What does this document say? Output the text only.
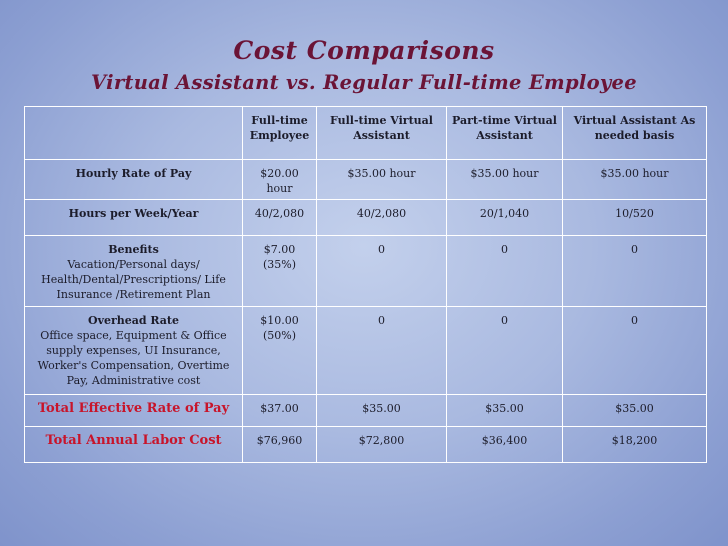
Cost Comparisons
Virtual Assistant vs. Regular Full-time Employee
	Full-time Employee	Full-time Virtual Assistant	Part-time Virtual Assistant	Virtual Assistant As needed basis
Hourly Rate of Pay	$20.00 hour	$35.00 hour	$35.00 hour	$35.00 hour
Hours per Week/Year	40/2,080	40/2,080	20/1,040	10/520

Benefits
Vacation/Personal days/ Health/Dental/Prescriptions/ Life Insurance /Retirement Plan	$7.00 (35%)	0	0	0

Overhead Rate
Office space, Equipment & Office supply expenses, UI Insurance, Worker's Compensation, Overtime Pay, Administrative cost	$10.00 (50%)	0	0	0
Total Effective Rate of Pay	$37.00	$35.00	$35.00	$35.00
Total Annual Labor Cost	$76,960	$72,800	$36,400	$18,200
